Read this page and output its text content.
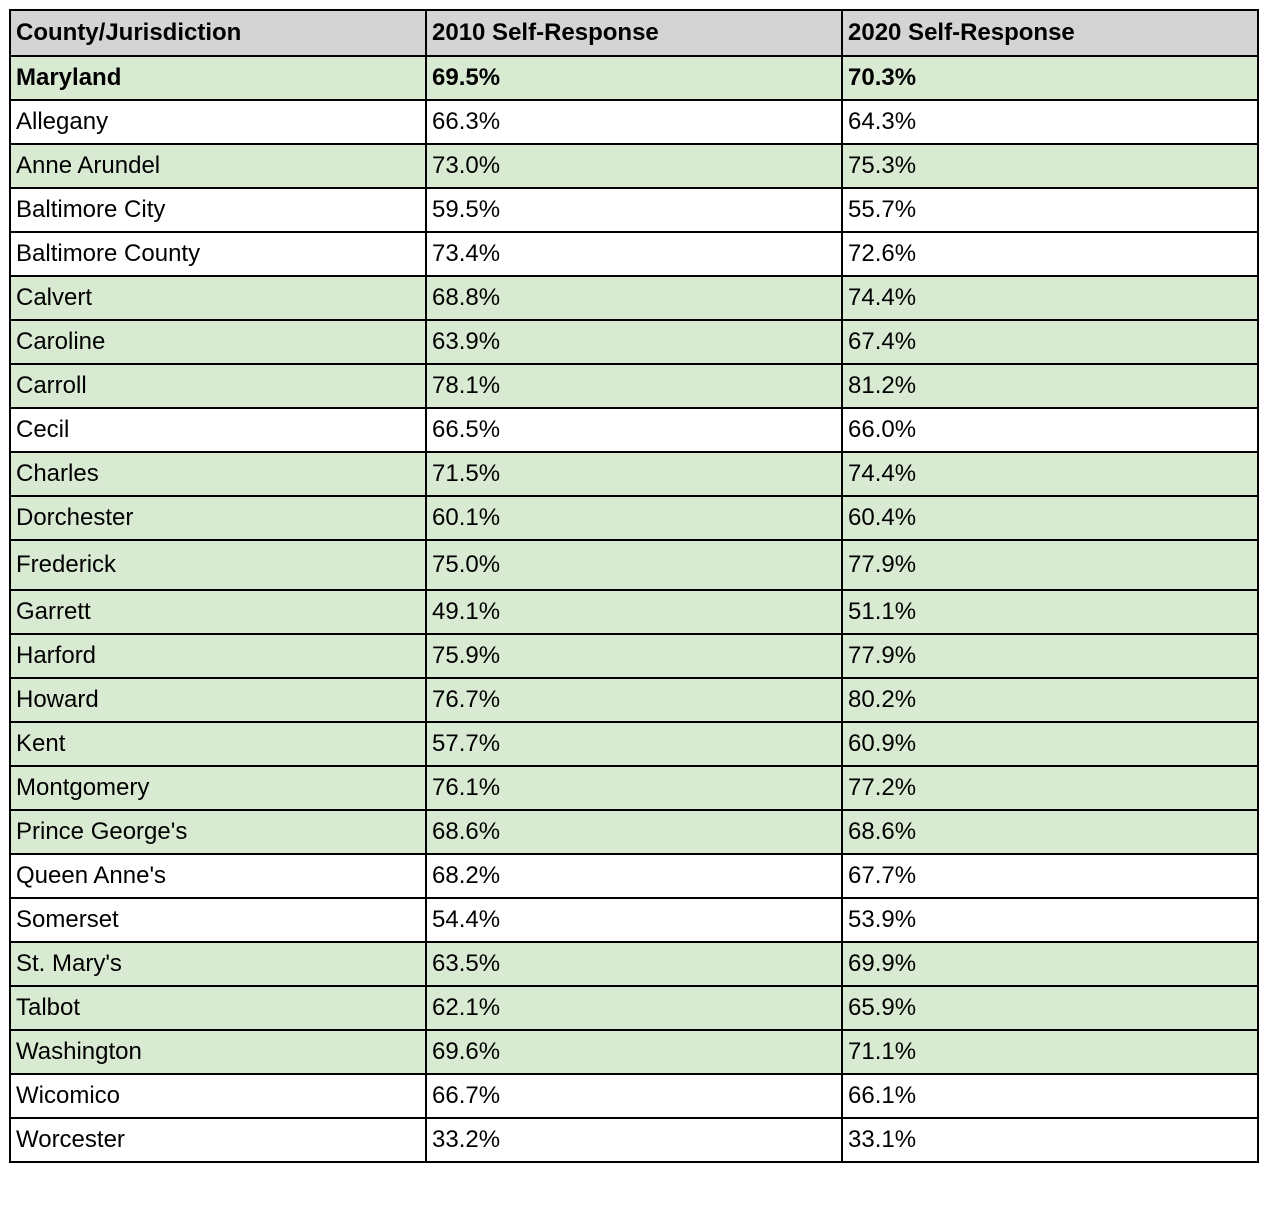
County/Jurisdiction	2010 Self-Response	2020 Self-Response
Maryland	69.5%	70.3%
Allegany	66.3%	64.3%
Anne Arundel	73.0%	75.3%
Baltimore City	59.5%	55.7%
Baltimore County	73.4%	72.6%
Calvert	68.8%	74.4%
Caroline	63.9%	67.4%
Carroll	78.1%	81.2%
Cecil	66.5%	66.0%
Charles	71.5%	74.4%
Dorchester	60.1%	60.4%
Frederick	75.0%	77.9%
Garrett	49.1%	51.1%
Harford	75.9%	77.9%
Howard	76.7%	80.2%
Kent	57.7%	60.9%
Montgomery	76.1%	77.2%
Prince George's	68.6%	68.6%
Queen Anne's	68.2%	67.7%
Somerset	54.4%	53.9%
St. Mary's	63.5%	69.9%
Talbot	62.1%	65.9%
Washington	69.6%	71.1%
Wicomico	66.7%	66.1%
Worcester	33.2%	33.1%
